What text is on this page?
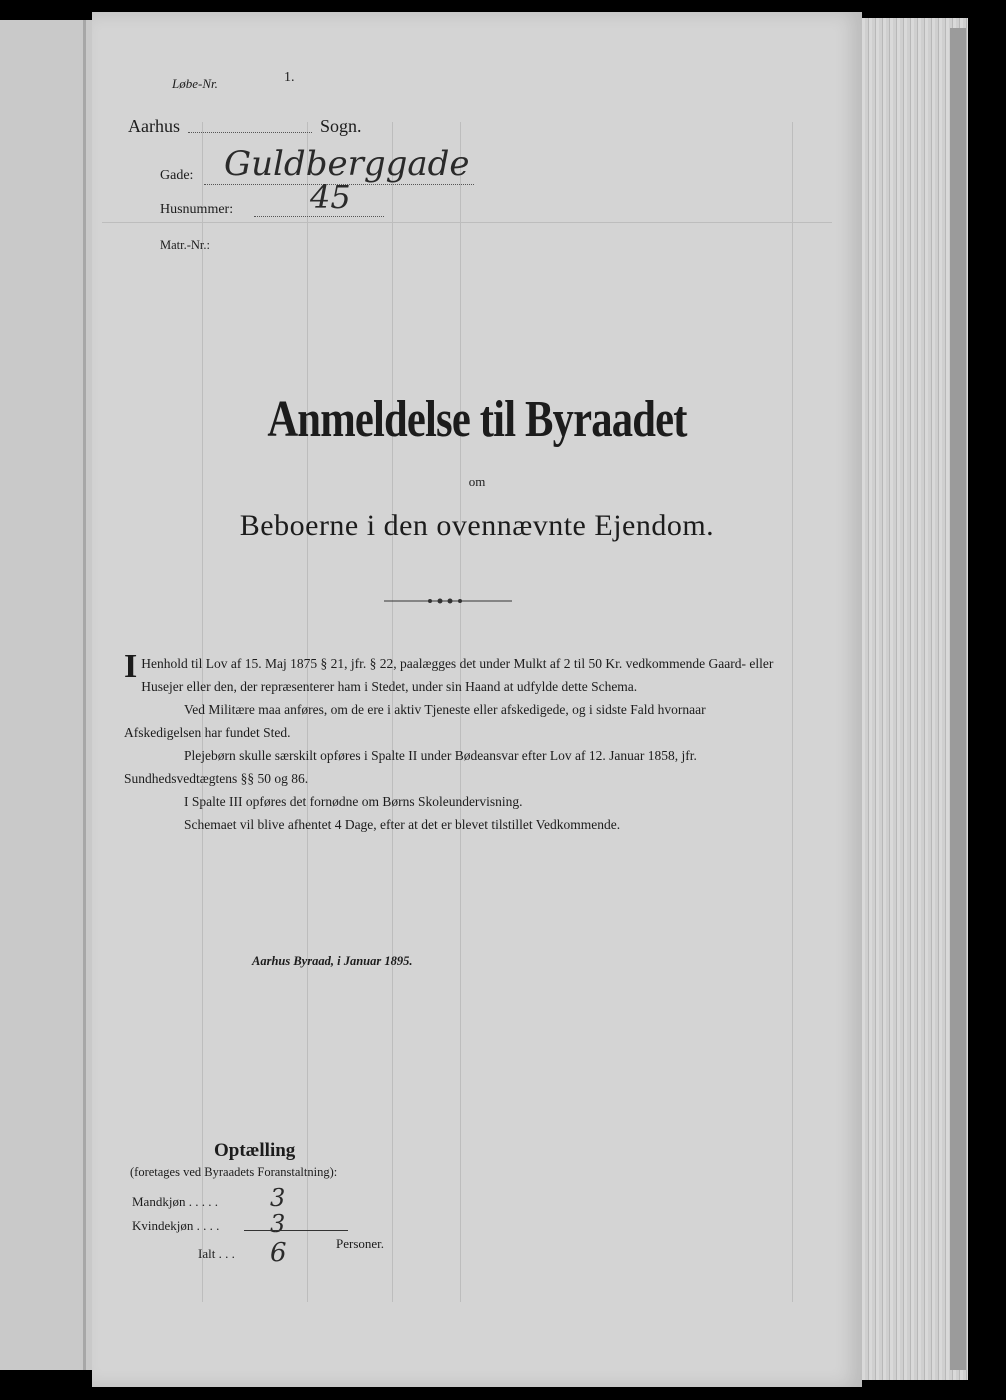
Løbe-Nr.	1.
Aarhus	Sogn.
Gade: Guldberggade
Husnummer: 45
Matr.-Nr.:
Anmeldelse til Byraadet
om
Beboerne i den ovennævnte Ejendom.

I Henhold til Lov af 15. Maj 1875 § 21, jfr. § 22, paalægges det under Mulkt af 2 til 50 Kr. vedkommende Gaard- eller Husejer eller den, der repræsenterer ham i Stedet, under sin Haand at udfylde dette Schema.

Ved Militære maa anføres, om de ere i aktiv Tjeneste eller afskedigede, og i sidste Fald hvornaar Afskedigelsen har fundet Sted.

Plejebørn skulle særskilt opføres i Spalte II under Bødeansvar efter Lov af 12. Januar 1858, jfr. Sundhedsvedtægtens §§ 50 og 86.

I Spalte III opføres det fornødne om Børns Skoleundervisning.

Schemaet vil blive afhentet 4 Dage, efter at det er blevet tilstillet Vedkommende.

Aarhus Byraad, i Januar 1895.
Optælling
(foretages ved Byraadets Foranstaltning):
Mandkjøn . . . . . 3
Kvindekjøn . . . . 3
Ialt . . . 6	Personer.
